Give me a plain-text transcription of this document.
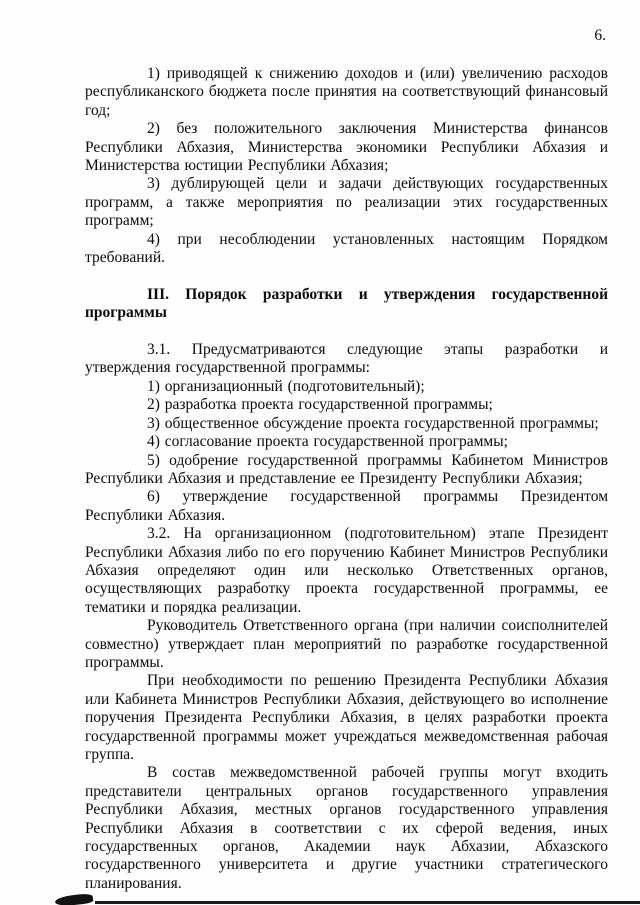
6.

1) приводящей к снижению доходов и (или) увеличению расходов республиканского бюджета после принятия на соответствующий финансовый год;

2) без положительного заключения Министерства финансов Республики Абхазия, Министерства экономики Республики Абхазия и Министерства юстиции Республики Абхазия;

3) дублирующей цели и задачи действующих государственных программ, а также мероприятия по реализации этих государственных программ;

4) при несоблюдении установленных настоящим Порядком требований.

III. Порядок разработки и утверждения государственной программы

3.1. Предусматриваются следующие этапы разработки и утверждения государственной программы:

1) организационный (подготовительный);

2) разработка проекта государственной программы;

3) общественное обсуждение проекта государственной программы;

4) согласование проекта государственной программы;

5) одобрение государственной программы Кабинетом Министров Республики Абхазия и представление ее Президенту Республики Абхазия;

6) утверждение государственной программы Президентом Республики Абхазия.

3.2. На организационном (подготовительном) этапе Президент Республики Абхазия либо по его поручению Кабинет Министров Республики Абхазия определяют один или несколько Ответственных органов, осуществляющих разработку проекта государственной программы, ее тематики и порядка реализации.

Руководитель Ответственного органа (при наличии соисполнителей совместно) утверждает план мероприятий по разработке государственной программы.

При необходимости по решению Президента Республики Абхазия или Кабинета Министров Республики Абхазия, действующего во исполнение поручения Президента Республики Абхазия, в целях разработки проекта государственной программы может учреждаться межведомственная рабочая группа.

В состав межведомственной рабочей группы могут входить представители центральных органов государственного управления Республики Абхазия, местных органов государственного управления Республики Абхазия в соответствии с их сферой ведения, иных государственных органов, Академии наук Абхазии, Абхазского государственного университета и другие участники стратегического планирования.
